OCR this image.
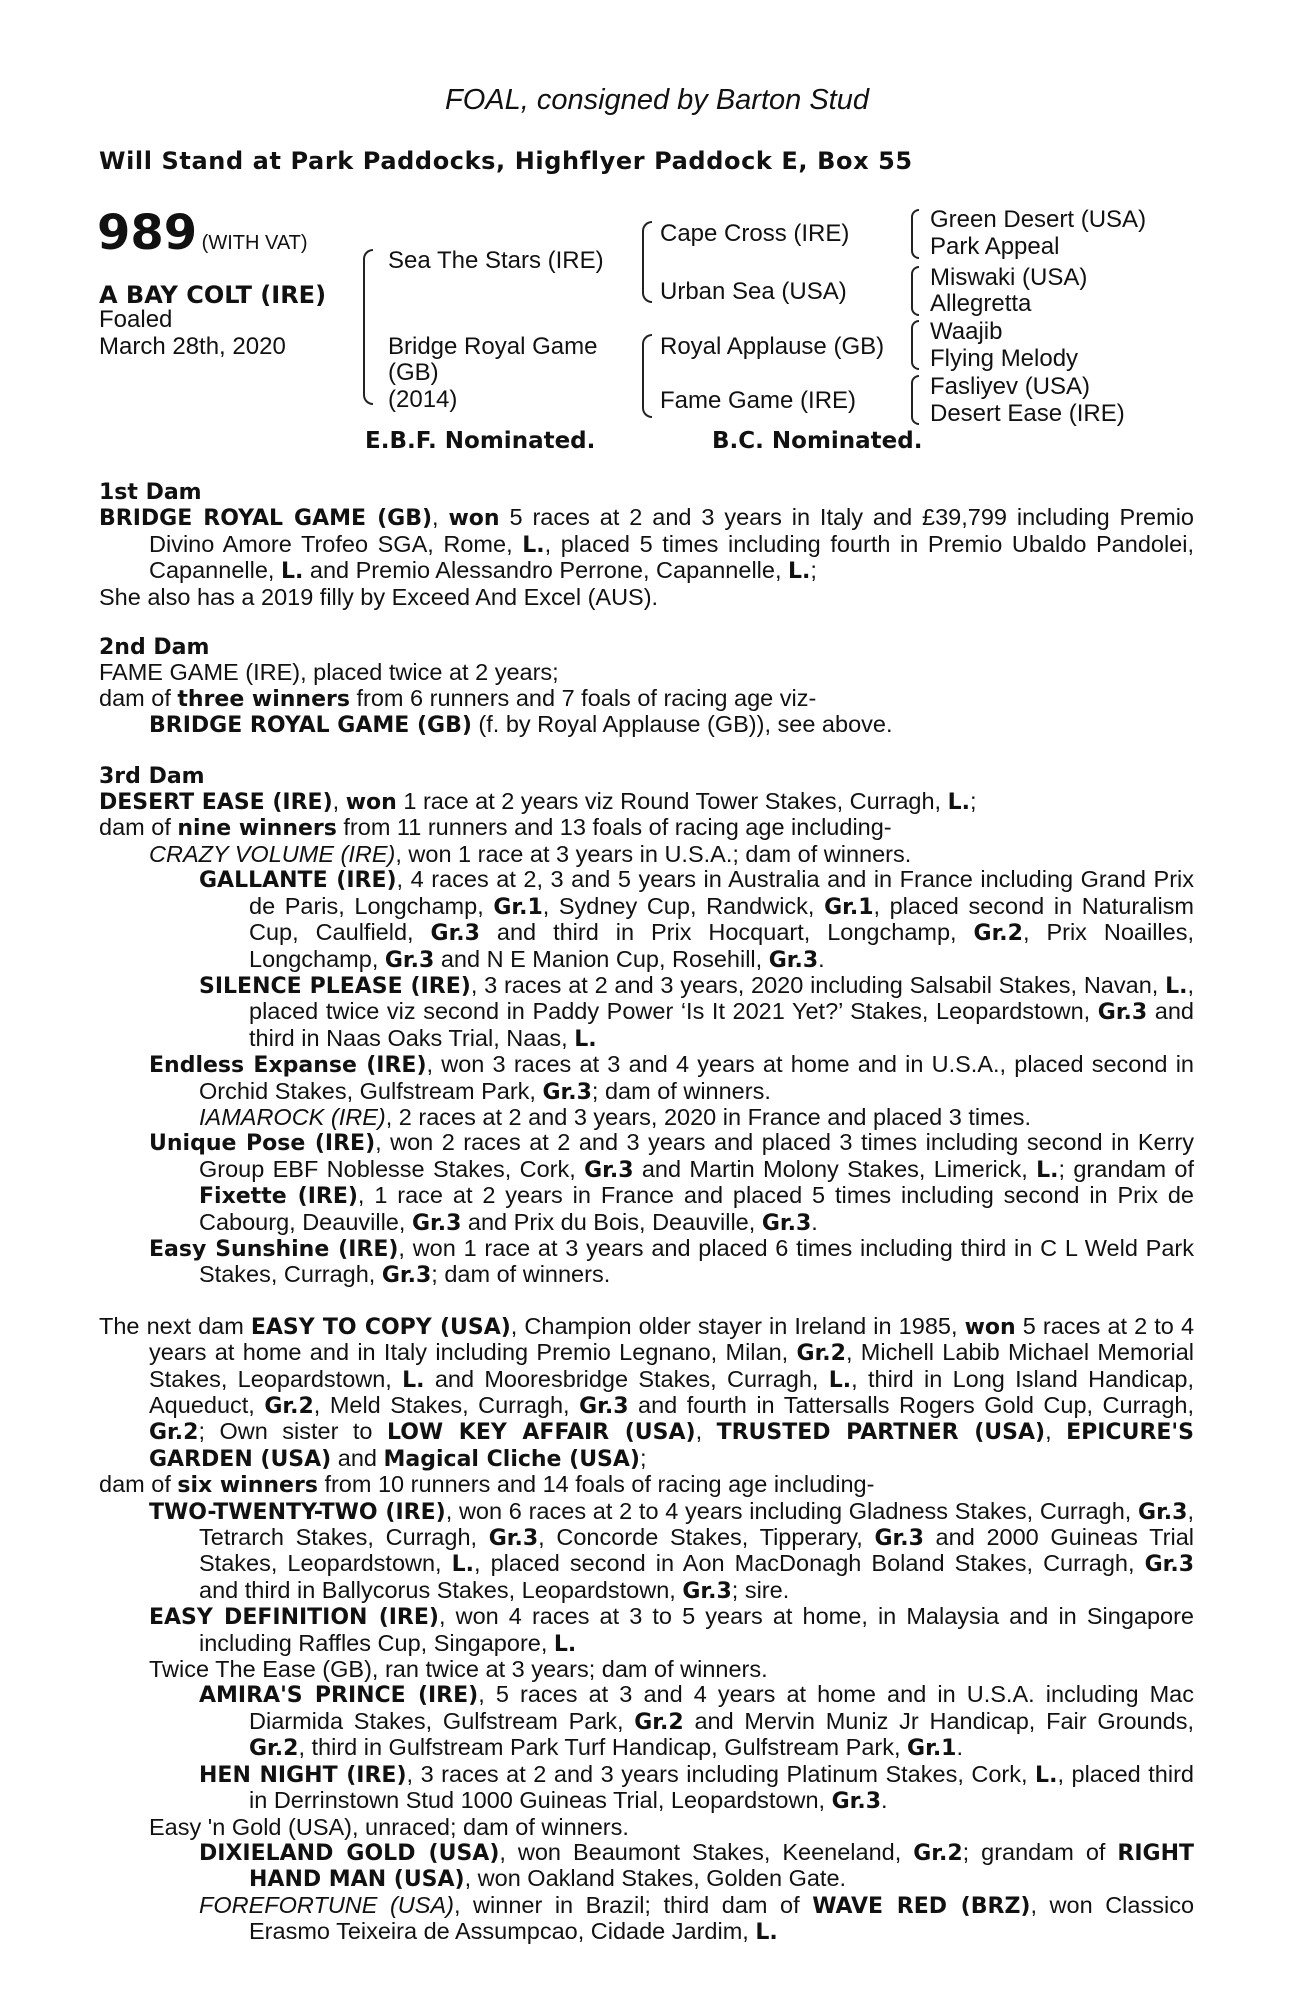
FOAL, consigned by Barton Stud
Will Stand at Park Paddocks, Highflyer Paddock E, Box 55
989 (WITH VAT)
A BAY COLT (IRE)
Foaled
March 28th, 2020
Sea The Stars (IRE)
Bridge Royal Game
(GB)
(2014)
Cape Cross (IRE)
Urban Sea (USA)
Royal Applause (GB)
Fame Game (IRE)
Green Desert (USA)
Park Appeal
Miswaki (USA)
Allegretta
Waajib
Flying Melody
Fasliyev (USA)
Desert Ease (IRE)
E.B.F. Nominated.	B.C. Nominated.

1st Dam

BRIDGE ROYAL GAME (GB), won 5 races at 2 and 3 years in Italy and £39,799 including Premio Divino Amore Trofeo SGA, Rome, L., placed 5 times including fourth in Premio Ubaldo Pandolei, Capannelle, L. and Premio Alessandro Perrone, Capannelle, L.;

She also has a 2019 filly by Exceed And Excel (AUS).

2nd Dam

FAME GAME (IRE), placed twice at 2 years;

dam of three winners from 6 runners and 7 foals of racing age viz-

BRIDGE ROYAL GAME (GB) (f. by Royal Applause (GB)), see above.

3rd Dam

DESERT EASE (IRE), won 1 race at 2 years viz Round Tower Stakes, Curragh, L.;

dam of nine winners from 11 runners and 13 foals of racing age including-

CRAZY VOLUME (IRE), won 1 race at 3 years in U.S.A.; dam of winners.

GALLANTE (IRE), 4 races at 2, 3 and 5 years in Australia and in France including Grand Prix de Paris, Longchamp, Gr.1, Sydney Cup, Randwick, Gr.1, placed second in Naturalism Cup, Caulfield, Gr.3 and third in Prix Hocquart, Longchamp, Gr.2, Prix Noailles, Longchamp, Gr.3 and N E Manion Cup, Rosehill, Gr.3.

SILENCE PLEASE (IRE), 3 races at 2 and 3 years, 2020 including Salsabil Stakes, Navan, L., placed twice viz second in Paddy Power ‘Is It 2021 Yet?’ Stakes, Leopardstown, Gr.3 and third in Naas Oaks Trial, Naas, L.

Endless Expanse (IRE), won 3 races at 3 and 4 years at home and in U.S.A., placed second in Orchid Stakes, Gulfstream Park, Gr.3; dam of winners.

IAMAROCK (IRE), 2 races at 2 and 3 years, 2020 in France and placed 3 times.

Unique Pose (IRE), won 2 races at 2 and 3 years and placed 3 times including second in Kerry Group EBF Noblesse Stakes, Cork, Gr.3 and Martin Molony Stakes, Limerick, L.; grandam of Fixette (IRE), 1 race at 2 years in France and placed 5 times including second in Prix de Cabourg, Deauville, Gr.3 and Prix du Bois, Deauville, Gr.3.

Easy Sunshine (IRE), won 1 race at 3 years and placed 6 times including third in C L Weld Park Stakes, Curragh, Gr.3; dam of winners.

The next dam EASY TO COPY (USA), Champion older stayer in Ireland in 1985, won 5 races at 2 to 4 years at home and in Italy including Premio Legnano, Milan, Gr.2, Michell Labib Michael Memorial Stakes, Leopardstown, L. and Mooresbridge Stakes, Curragh, L., third in Long Island Handicap, Aqueduct, Gr.2, Meld Stakes, Curragh, Gr.3 and fourth in Tattersalls Rogers Gold Cup, Curragh, Gr.2; Own sister to LOW KEY AFFAIR (USA), TRUSTED PARTNER (USA), EPICURE'S GARDEN (USA) and Magical Cliche (USA);

dam of six winners from 10 runners and 14 foals of racing age including-

TWO-TWENTY-TWO (IRE), won 6 races at 2 to 4 years including Gladness Stakes, Curragh, Gr.3, Tetrarch Stakes, Curragh, Gr.3, Concorde Stakes, Tipperary, Gr.3 and 2000 Guineas Trial Stakes, Leopardstown, L., placed second in Aon MacDonagh Boland Stakes, Curragh, Gr.3 and third in Ballycorus Stakes, Leopardstown, Gr.3; sire.

EASY DEFINITION (IRE), won 4 races at 3 to 5 years at home, in Malaysia and in Singapore including Raffles Cup, Singapore, L.

Twice The Ease (GB), ran twice at 3 years; dam of winners.

AMIRA'S PRINCE (IRE), 5 races at 3 and 4 years at home and in U.S.A. including Mac Diarmida Stakes, Gulfstream Park, Gr.2 and Mervin Muniz Jr Handicap, Fair Grounds, Gr.2, third in Gulfstream Park Turf Handicap, Gulfstream Park, Gr.1.

HEN NIGHT (IRE), 3 races at 2 and 3 years including Platinum Stakes, Cork, L., placed third in Derrinstown Stud 1000 Guineas Trial, Leopardstown, Gr.3.

Easy 'n Gold (USA), unraced; dam of winners.

DIXIELAND GOLD (USA), won Beaumont Stakes, Keeneland, Gr.2; grandam of RIGHT HAND MAN (USA), won Oakland Stakes, Golden Gate.

FOREFORTUNE (USA), winner in Brazil; third dam of WAVE RED (BRZ), won Classico Erasmo Teixeira de Assumpcao, Cidade Jardim, L.
